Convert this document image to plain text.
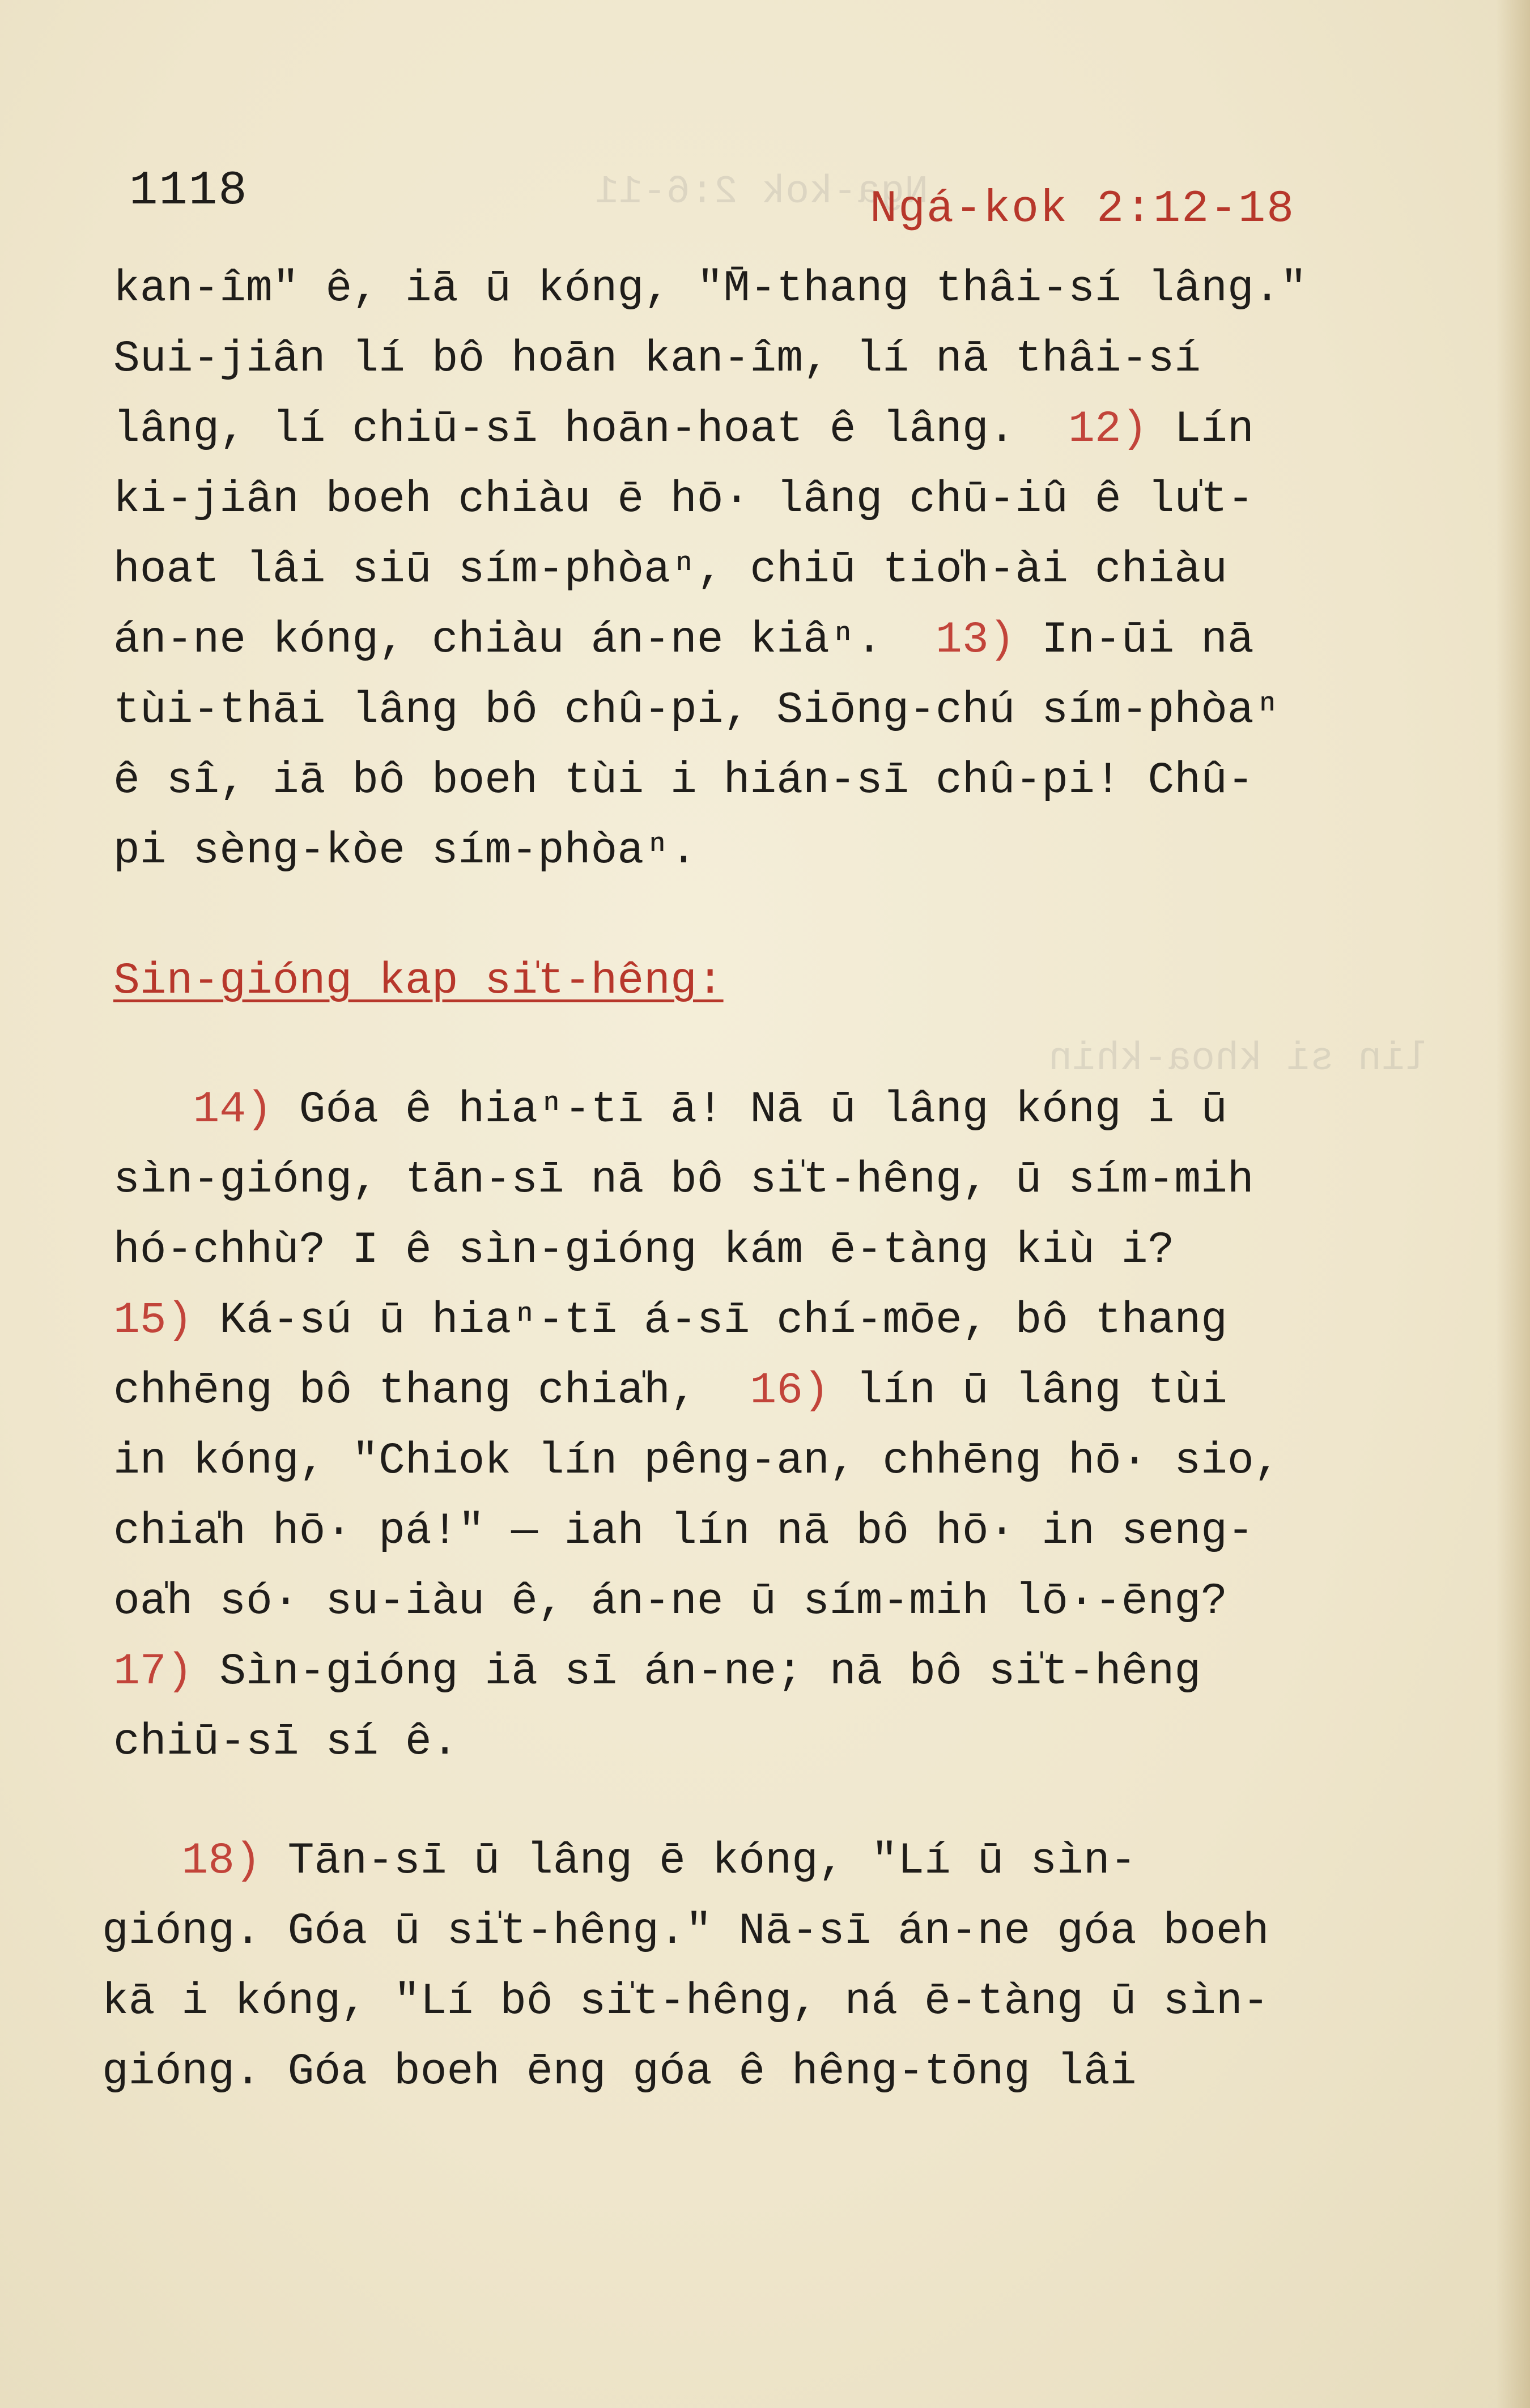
Nga-kok 2:6-11
lin si khoa-khin
1118	Ngá-kok 2:12-18
kan-îm" ê, iā ū kóng, "M̄-thang thâi-sí lâng."
Sui-jiân lí bô hoān kan-îm, lí nā thâi-sí
lâng, lí chiū-sī hoān-hoat ê lâng.  12) Lín
ki-jiân boeh chiàu ē hō· lâng chū-iû ê lu̍t-
hoat lâi siū sím-phòaⁿ, chiū tio̍h-ài chiàu
án-ne kóng, chiàu án-ne kiâⁿ.  13) In-ūi nā
tùi-thāi lâng bô chû-pi, Siōng-chú sím-phòaⁿ
ê sî, iā bô boeh tùi i hián-sī chû-pi! Chû-
pi sèng-kòe sím-phòaⁿ.
Sin-gióng kap si̍t-hêng:
14) Góa ê hiaⁿ-tī ā! Nā ū lâng kóng i ū
sìn-gióng, tān-sī nā bô si̍t-hêng, ū sím-mih
hó-chhù? I ê sìn-gióng kám ē-tàng kiù i?
15) Ká-sú ū hiaⁿ-tī á-sī chí-mōe, bô thang
chhēng bô thang chia̍h,  16) lín ū lâng tùi
in kóng, "Chiok lín pêng-an, chhēng hō· sio,
chia̍h hō· pá!" — iah lín nā bô hō· in seng-
oa̍h só· su-iàu ê, án-ne ū sím-mih lō·-ēng?
17) Sìn-gióng iā sī án-ne; nā bô si̍t-hêng
chiū-sī sí ê.
18) Tān-sī ū lâng ē kóng, "Lí ū sìn-
gióng. Góa ū si̍t-hêng." Nā-sī án-ne góa boeh
kā i kóng, "Lí bô si̍t-hêng, ná ē-tàng ū sìn-
gióng. Góa boeh ēng góa ê hêng-tōng lâi
